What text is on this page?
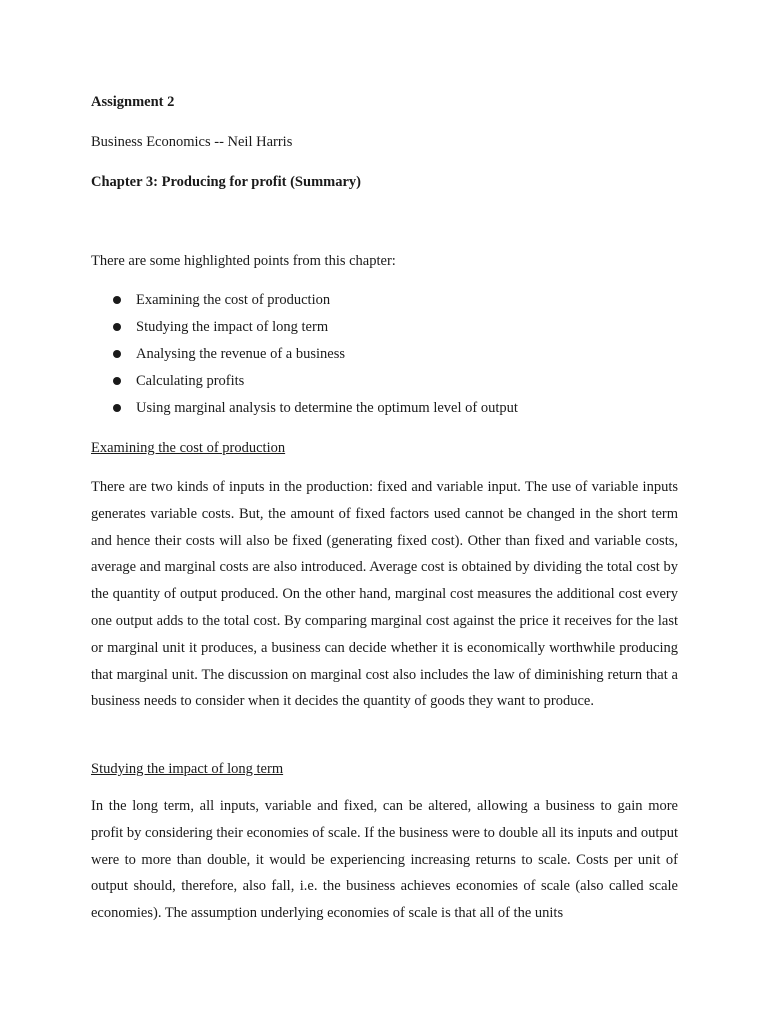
Assignment 2

Business Economics -- Neil Harris

Chapter 3: Producing for profit (Summary)

There are some highlighted points from this chapter:

Examining the cost of production
Studying the impact of long term
Analysing the revenue of a business
Calculating profits
Using marginal analysis to determine the optimum level of output

Examining the cost of production

There are two kinds of inputs in the production: fixed and variable input. The use of variable inputs generates variable costs. But, the amount of fixed factors used cannot be changed in the short term and hence their costs will also be fixed (generating fixed cost). Other than fixed and variable costs, average and marginal costs are also introduced. Average cost is obtained by dividing the total cost by the quantity of output produced. On the other hand, marginal cost measures the additional cost every one output adds to the total cost. By comparing marginal cost against the price it receives for the last or marginal unit it produces, a business can decide whether it is economically worthwhile producing that marginal unit. The discussion on marginal cost also includes the law of diminishing return that a business needs to consider when it decides the quantity of goods they want to produce.

Studying the impact of long term

In the long term, all inputs, variable and fixed, can be altered, allowing a business to gain more profit by considering their economies of scale. If the business were to double all its inputs and output were to more than double, it would be experiencing increasing returns to scale. Costs per unit of output should, therefore, also fall, i.e. the business achieves economies of scale (also called scale economies). The assumption underlying economies of scale is that all of the units
